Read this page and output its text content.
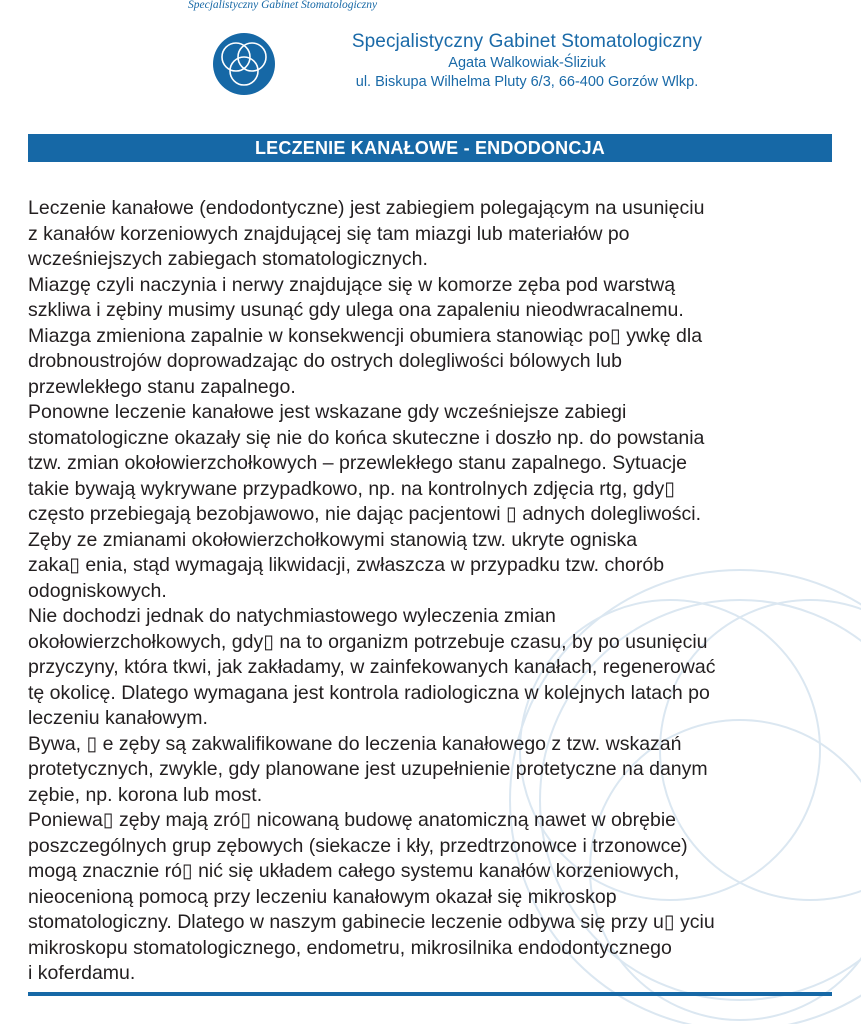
Specjalistyczny Gabinet Stomatologiczny
Specjalistyczny Gabinet Stomatologiczny
Agata Walkowiak-Śliziuk
ul. Biskupa Wilhelma Pluty 6/3, 66-400 Gorzów Wlkp.
LECZENIE KANAŁOWE - ENDODONCJA

Leczenie kanałowe (endodontyczne) jest zabiegiem polegającym na usunięciu

z kanałów korzeniowych znajdującej się tam miazgi lub materiałów po

wcześniejszych zabiegach stomatologicznych.

Miazgę czyli naczynia i nerwy znajdujące się w komorze zęba pod warstwą

szkliwa i zębiny musimy usunąć gdy ulega ona zapaleniu nieodwracalnemu.

Miazga zmieniona zapalnie w konsekwencji obumiera stanowiąc po▯ ywkę dla

drobnoustrojów doprowadzając do ostrych dolegliwości bólowych lub

przewlekłego stanu zapalnego.

Ponowne leczenie kanałowe jest wskazane gdy wcześniejsze zabiegi

stomatologiczne okazały się nie do końca skuteczne i doszło np. do powstania

tzw. zmian okołowierzchołkowych – przewlekłego stanu zapalnego. Sytuacje

takie bywają wykrywane przypadkowo, np. na kontrolnych zdjęcia rtg, gdy▯

często przebiegają bezobjawowo, nie dając pacjentowi ▯ adnych dolegliwości.

Zęby ze zmianami okołowierzchołkowymi stanowią tzw. ukryte ogniska

zaka▯ enia, stąd wymagają likwidacji, zwłaszcza w przypadku tzw. chorób

odogniskowych.

Nie dochodzi jednak do natychmiastowego wyleczenia zmian

okołowierzchołkowych, gdy▯ na to organizm potrzebuje czasu, by po usunięciu

przyczyny, która tkwi, jak zakładamy, w zainfekowanych kanałach, regenerować

tę okolicę. Dlatego wymagana jest kontrola radiologiczna w kolejnych latach po

leczeniu kanałowym.

Bywa, ▯ e zęby są zakwalifikowane do leczenia kanałowego z tzw. wskazań

protetycznych, zwykle, gdy planowane jest uzupełnienie protetyczne na danym

zębie, np. korona lub most.

Poniewa▯ zęby mają zró▯ nicowaną budowę anatomiczną nawet w obrębie

poszczególnych grup zębowych (siekacze i kły, przedtrzonowce i trzonowce)

mogą znacznie ró▯ nić się układem całego systemu kanałów korzeniowych,

nieocenioną pomocą przy leczeniu kanałowym okazał się mikroskop

stomatologiczny. Dlatego w naszym gabinecie leczenie odbywa się przy u▯ yciu

mikroskopu stomatologicznego, endometru, mikrosilnika endodontycznego

i koferdamu.
